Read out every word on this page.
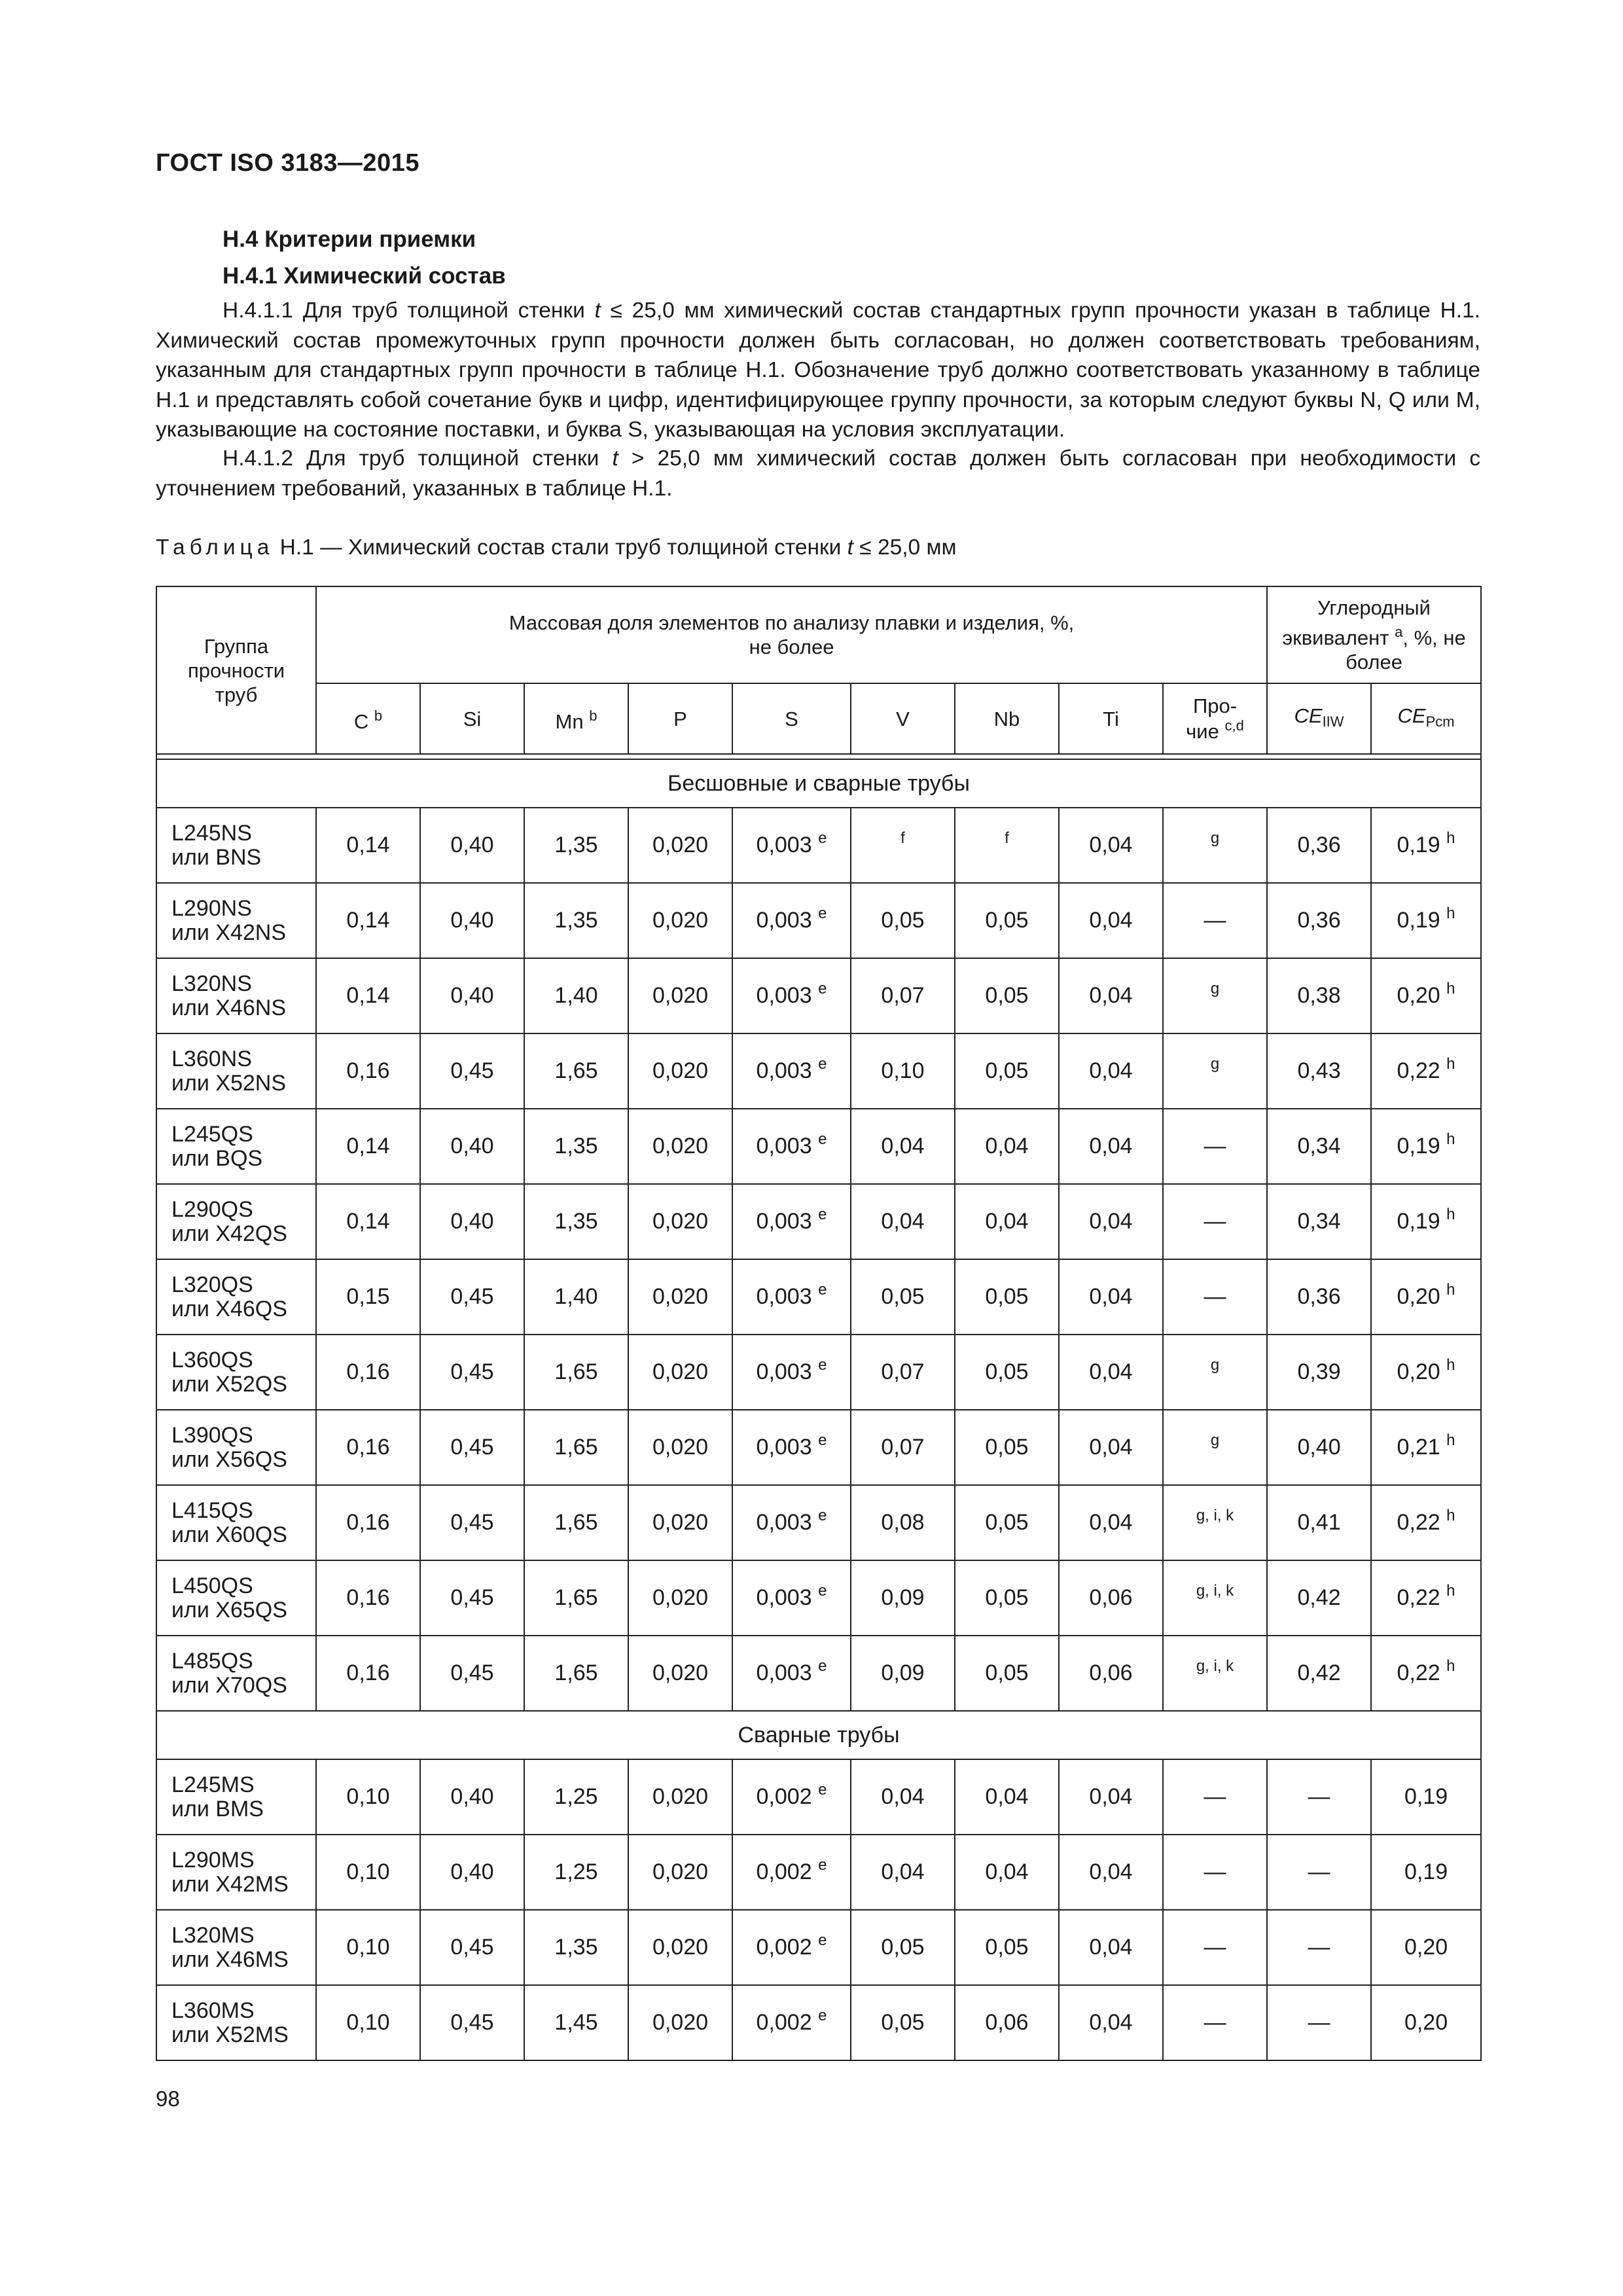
ГОСТ ISO 3183—2015
H.4 Критерии приемки
H.4.1 Химический состав
H.4.1.1 Для труб толщиной стенки t ≤ 25,0 мм химический состав стандартных групп прочности указан в таблице H.1. Химический состав промежуточных групп прочности должен быть согласован, но должен соответствовать требованиям, указанным для стандартных групп прочности в таблице H.1. Обозначение труб должно соответствовать указанному в таблице H.1 и представлять собой сочетание букв и цифр, идентифицирующее группу прочности, за которым следуют буквы N, Q или M, указывающие на состояние поставки, и буква S, указывающая на условия эксплуатации.
H.4.1.2 Для труб толщиной стенки t > 25,0 мм химический состав должен быть согласован при необходимости с уточнением требований, указанных в таблице H.1.
Таблица H.1 — Химический состав стали труб толщиной стенки t ≤ 25,0 мм
Группа прочности труб	Массовая доля элементов по анализу плавки и изделия, %, не более									Углеродный эквивалент $^a$, %, не более	

	C $^b$	Si	Mn $^b$	P	S	V	Nb	Ti	Про-чие $^{c,d}$	$CE_{IIW}$	$CE_{Pcm}$

Бесшовные и сварные трубы											

L245NS
или BNS	0,14	0,40	1,35	0,020	0,003 $^e$	$^f$	$^f$	0,04	$^g$	0,36	0,19 $^h$

L290NS
или X42NS	0,14	0,40	1,35	0,020	0,003 $^e$	0,05	0,05	0,04	—	0,36	0,19 $^h$

L320NS
или X46NS	0,14	0,40	1,40	0,020	0,003 $^e$	0,07	0,05	0,04	$^g$	0,38	0,20 $^h$

L360NS
или X52NS	0,16	0,45	1,65	0,020	0,003 $^e$	0,10	0,05	0,04	$^g$	0,43	0,22 $^h$

L245QS
или BQS	0,14	0,40	1,35	0,020	0,003 $^e$	0,04	0,04	0,04	—	0,34	0,19 $^h$

L290QS
или X42QS	0,14	0,40	1,35	0,020	0,003 $^e$	0,04	0,04	0,04	—	0,34	0,19 $^h$

L320QS
или X46QS	0,15	0,45	1,40	0,020	0,003 $^e$	0,05	0,05	0,04	—	0,36	0,20 $^h$

L360QS
или X52QS	0,16	0,45	1,65	0,020	0,003 $^e$	0,07	0,05	0,04	$^g$	0,39	0,20 $^h$

L390QS
или X56QS	0,16	0,45	1,65	0,020	0,003 $^e$	0,07	0,05	0,04	$^g$	0,40	0,21 $^h$

L415QS
или X60QS	0,16	0,45	1,65	0,020	0,003 $^e$	0,08	0,05	0,04	$^{g, i, k}$	0,41	0,22 $^h$

L450QS
или X65QS	0,16	0,45	1,65	0,020	0,003 $^e$	0,09	0,05	0,06	$^{g, i, k}$	0,42	0,22 $^h$

L485QS
или X70QS	0,16	0,45	1,65	0,020	0,003 $^e$	0,09	0,05	0,06	$^{g, i, k}$	0,42	0,22 $^h$
Сварные трубы											

L245MS
или BMS	0,10	0,40	1,25	0,020	0,002 $^e$	0,04	0,04	0,04	—	—	0,19

L290MS
или X42MS	0,10	0,40	1,25	0,020	0,002 $^e$	0,04	0,04	0,04	—	—	0,19

L320MS
или X46MS	0,10	0,45	1,35	0,020	0,002 $^e$	0,05	0,05	0,04	—	—	0,20

L360MS
или X52MS	0,10	0,45	1,45	0,020	0,002 $^e$	0,05	0,06	0,04	—	—	0,20
98
